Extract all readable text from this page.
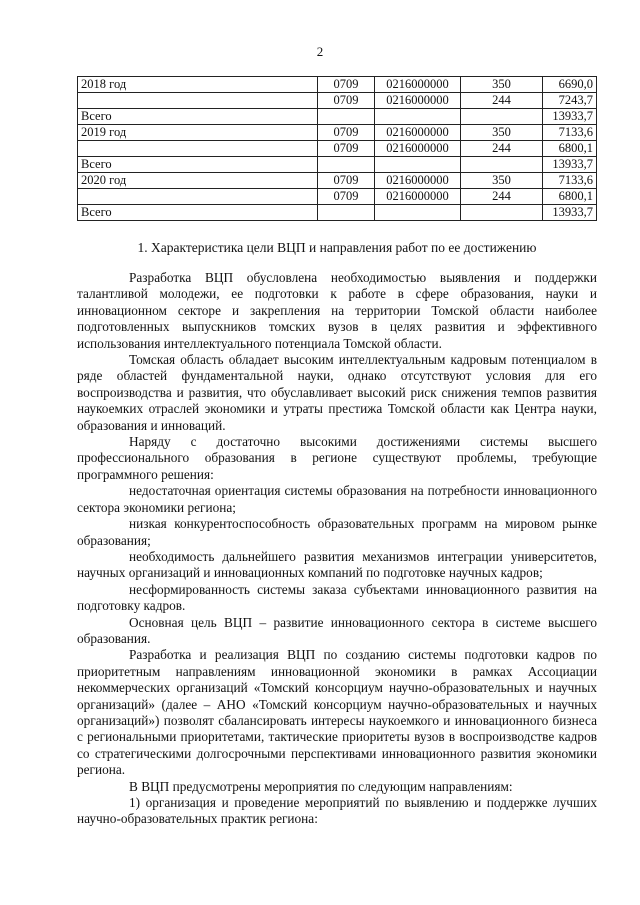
2
2018 год	0709	0216000000	350	6690,0
	0709	0216000000	244	7243,7
Всего				13933,7
2019 год	0709	0216000000	350	7133,6
	0709	0216000000	244	6800,1
Всего				13933,7
2020 год	0709	0216000000	350	7133,6
	0709	0216000000	244	6800,1
Всего				13933,7
1. Характеристика цели ВЦП и направления работ по ее достижению

Разработка ВЦП обусловлена необходимостью выявления и поддержки талантливой молодежи, ее подготовки к работе в сфере образования, науки и инновационном секторе и закрепления на территории Томской области наиболее подготовленных выпускников томских вузов в целях развития и эффективного использования интеллектуального потенциала Томской области.

Томская область обладает высоким интеллектуальным кадровым потенциалом в ряде областей фундаментальной науки, однако отсутствуют условия для его воспроизводства и развития, что обуславливает высокий риск снижения темпов развития наукоемких отраслей экономики и утраты престижа Томской области как Центра науки, образования и инноваций.

Наряду с достаточно высокими достижениями системы высшего профессионального образования в регионе существуют проблемы, требующие программного решения:

недостаточная ориентация системы образования на потребности инновационного сектора экономики региона;

низкая конкурентоспособность образовательных программ на мировом рынке образования;

необходимость дальнейшего развития механизмов интеграции университетов, научных организаций и инновационных компаний по подготовке научных кадров;

несформированность системы заказа субъектами инновационного развития на подготовку кадров.

Основная цель ВЦП – развитие инновационного сектора в системе высшего образования.

Разработка и реализация ВЦП по созданию системы подготовки кадров по приоритетным направлениям инновационной экономики в рамках Ассоциации некоммерческих организаций «Томский консорциум научно-образовательных и научных организаций» (далее – АНО «Томский консорциум научно-образовательных и научных организаций») позволят сбалансировать интересы наукоемкого и инновационного бизнеса с региональными приоритетами, тактические приоритеты вузов в воспроизводстве кадров со стратегическими долгосрочными перспективами инновационного развития экономики региона.

В ВЦП предусмотрены мероприятия по следующим направлениям:

1) организация и проведение мероприятий по выявлению и поддержке лучших научно-образовательных практик региона:
